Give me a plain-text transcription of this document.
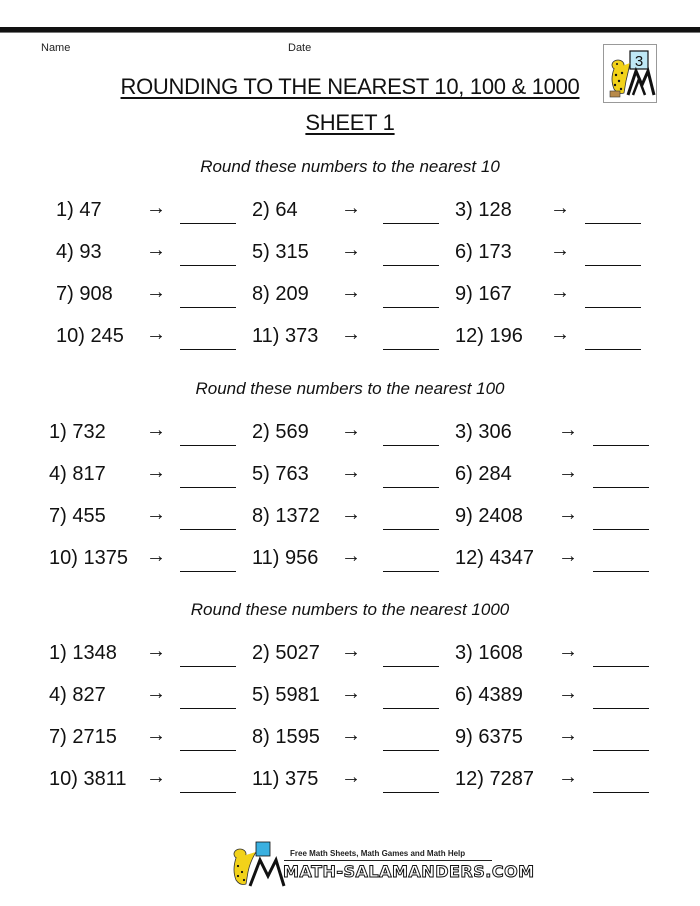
Name	Date
3
ROUNDING TO THE NEAREST 10, 100 & 1000
SHEET 1
Round these numbers to the nearest 10
1) 47 →	2) 64 →	3) 128 →
4) 93 →	5) 315 →	6) 173 →
7) 908 →	8) 209 →	9) 167 →
10) 245 →	11) 373 →	12) 196 →
Round these numbers to the nearest 100
1) 732 →	2) 569 →	3) 306 →
4) 817 →	5) 763 →	6) 284 →
7) 455 →	8) 1372 →	9) 2408 →
10) 1375 →	11) 956 →	12) 4347 →
Round these numbers to the nearest 1000
1) 1348 →	2) 5027 →	3) 1608 →
4) 827 →	5) 5981 →	6) 4389 →
7) 2715 →	8) 1595 →	9) 6375 →
10) 3811 →	11) 375 →	12) 7287 →
Free Math Sheets, Math Games and Math Help
MATH-SALAMANDERS.COM
